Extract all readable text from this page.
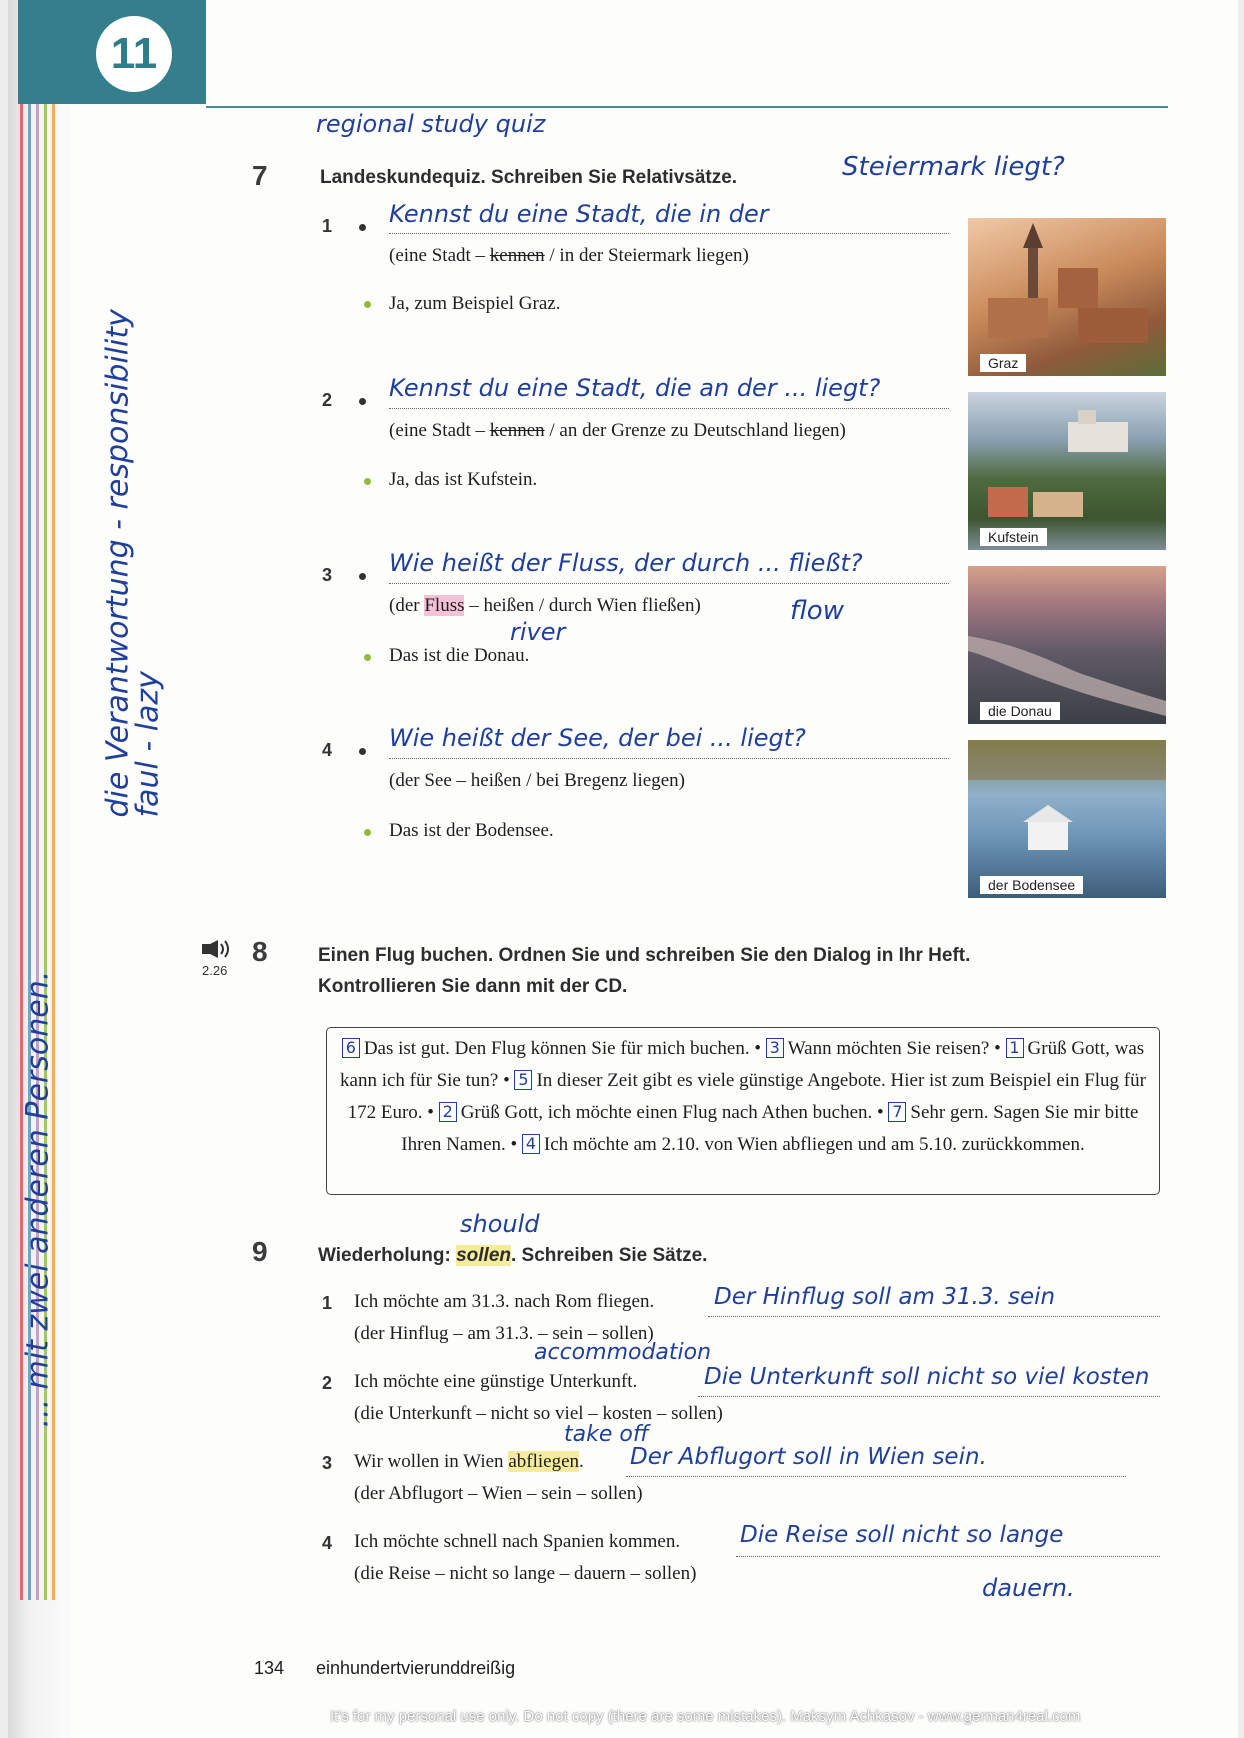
11
... mit zwei anderen Personen.
die Verantwortung - responsibility
faul - lazy
regional study quiz
7	Landeskundequiz. Schreiben Sie Relativsätze.	Steiermark liegt?
1 Kennst du eine Stadt, die in der
(eine Stadt – kennen / in der Steiermark liegen)
Ja, zum Beispiel Graz.
2 Kennst du eine Stadt, die an der ... liegt?
(eine Stadt – kennen / an der Grenze zu Deutschland liegen)
Ja, das ist Kufstein.
3 Wie heißt der Fluss, der durch ... fließt?
(der Fluss – heißen / durch Wien fließen)	flow
river
Das ist die Donau.
4 Wie heißt der See, der bei ... liegt?
(der See – heißen / bei Bregenz liegen)
Das ist der Bodensee.
Graz
Kufstein
die Donau
der Bodensee
2.26
8	Einen Flug buchen. Ordnen Sie und schreiben Sie den Dialog in Ihr Heft.
Kontrollieren Sie dann mit der CD.
6 Das ist gut. Den Flug können Sie für mich buchen. • 3 Wann möchten Sie reisen? • 1 Grüß Gott, was kann ich für Sie tun? • 5 In dieser Zeit gibt es viele günstige Angebote. Hier ist zum Beispiel ein Flug für 172 Euro. • 2 Grüß Gott, ich möchte einen Flug nach Athen buchen. • 7 Sehr gern. Sagen Sie mir bitte Ihren Namen. • 4 Ich möchte am 2.10. von Wien abfliegen und am 5.10. zurückkommen.
should
9	Wiederholung: sollen. Schreiben Sie Sätze.
1 Ich möchte am 31.3. nach Rom fliegen.	Der Hinflug soll am 31.3. sein
(der Hinflug – am 31.3. – sein – sollen)
accommodation
2 Ich möchte eine günstige Unterkunft.	Die Unterkunft soll nicht so viel kosten
(die Unterkunft – nicht so viel – kosten – sollen)
take off
3 Wir wollen in Wien abfliegen. Der Abflugort soll in Wien sein.
(der Abflugort – Wien – sein – sollen)
4 Ich möchte schnell nach Spanien kommen.	Die Reise soll nicht so lange
(die Reise – nicht so lange – dauern – sollen)
dauern.
134 einhundertvierunddreißig
It's for my personal use only. Do not copy (there are some mistakes). Maksym Achkasov - www.german4real.com
